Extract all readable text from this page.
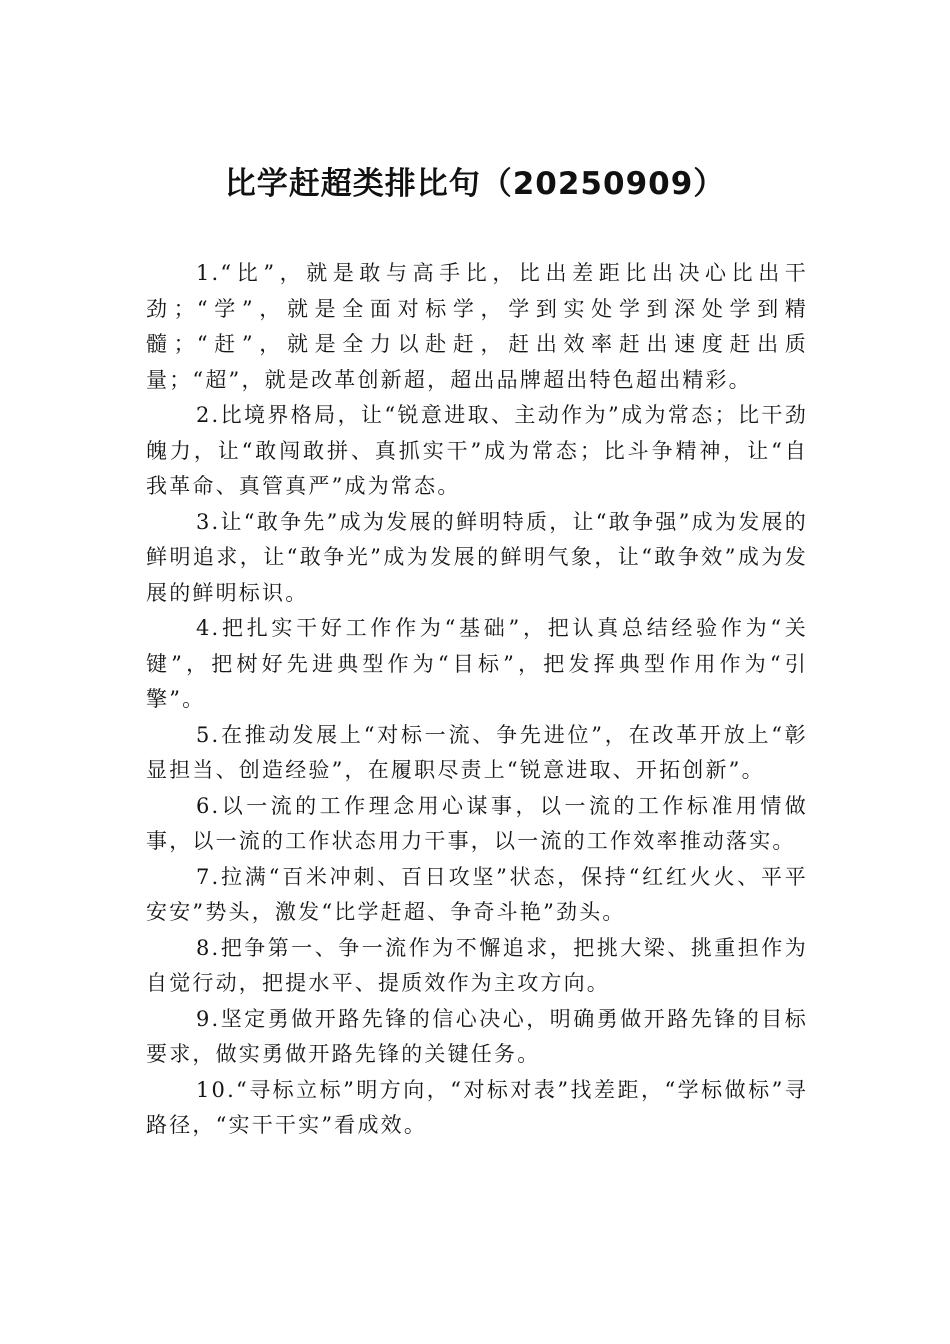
比学赶超类排比句（20250909）

1.“比”，就是敢与高手比，比出差距比出决心比出干劲；“学”，就是全面对标学，学到实处学到深处学到精髓；“赶”，就是全力以赴赶，赶出效率赶出速度赶出质量；“超”，就是改革创新超，超出品牌超出特色超出精彩。

2.比境界格局，让“锐意进取、主动作为”成为常态；比干劲魄力，让“敢闯敢拼、真抓实干”成为常态；比斗争精神，让“自我革命、真管真严”成为常态。

3.让“敢争先”成为发展的鲜明特质，让“敢争强”成为发展的鲜明追求，让“敢争光”成为发展的鲜明气象，让“敢争效”成为发展的鲜明标识。

4.把扎实干好工作作为“基础”，把认真总结经验作为“关键”，把树好先进典型作为“目标”，把发挥典型作用作为“引擎”。

5.在推动发展上“对标一流、争先进位”，在改革开放上“彰显担当、创造经验”，在履职尽责上“锐意进取、开拓创新”。

6.以一流的工作理念用心谋事，以一流的工作标准用情做事，以一流的工作状态用力干事，以一流的工作效率推动落实。

7.拉满“百米冲刺、百日攻坚”状态，保持“红红火火、平平安安”势头，激发“比学赶超、争奇斗艳”劲头。

8.把争第一、争一流作为不懈追求，把挑大梁、挑重担作为自觉行动，把提水平、提质效作为主攻方向。

9.坚定勇做开路先锋的信心决心，明确勇做开路先锋的目标要求，做实勇做开路先锋的关键任务。

10.“寻标立标”明方向，“对标对表”找差距，“学标做标”寻路径，“实干干实”看成效。
